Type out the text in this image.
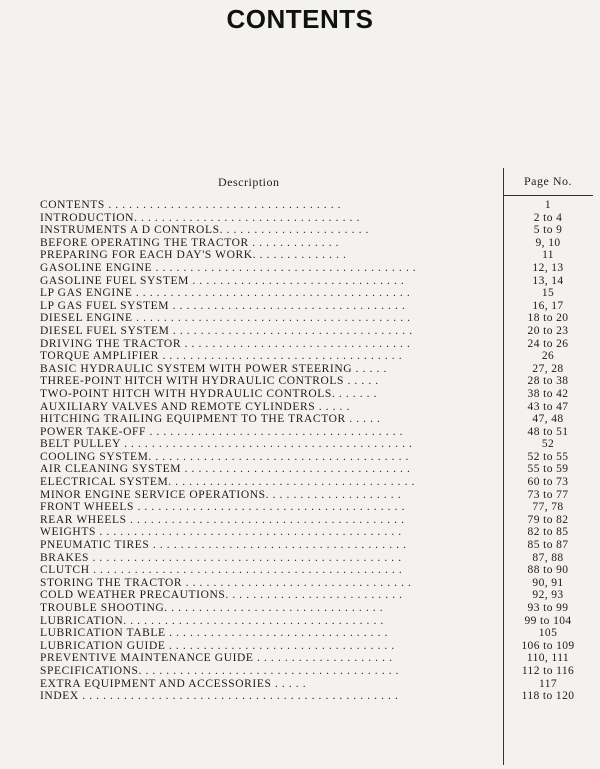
CONTENTS
Description	Page No.
CONTENTS . . . . . . . . . . . . . . . . . . . . . . . . . . . . . . . . . .	1
INTRODUCTION. . . . . . . . . . . . . . . . . . . . . . . . . . . . . . . . .	2 to 4
INSTRUMENTS A D CONTROLS. . . . . . . . . . . . . . . . . . . . . .	5 to 9
BEFORE OPERATING THE TRACTOR . . . . . . . . . . . . .	9, 10
PREPARING FOR EACH DAY'S WORK. . . . . . . . . . . . . .	11
GASOLINE ENGINE . . . . . . . . . . . . . . . . . . . . . . . . . . . . . . . . . . . . . .	12, 13
GASOLINE FUEL SYSTEM . . . . . . . . . . . . . . . . . . . . . . . . . . . . . . .	13, 14
LP GAS ENGINE . . . . . . . . . . . . . . . . . . . . . . . . . . . . . . . . . . . . . . . .	15
LP GAS FUEL SYSTEM . . . . . . . . . . . . . . . . . . . . . . . . . . . . . . . . . .	16, 17
DIESEL ENGINE . . . . . . . . . . . . . . . . . . . . . . . . . . . . . . . . . . . . . . . .	18 to 20
DIESEL FUEL SYSTEM . . . . . . . . . . . . . . . . . . . . . . . . . . . . . . . . . . .	20 to 23
DRIVING THE TRACTOR . . . . . . . . . . . . . . . . . . . . . . . . . . . . . . . . .	24 to 26
TORQUE AMPLIFIER . . . . . . . . . . . . . . . . . . . . . . . . . . . . . . . . . . .	26
BASIC HYDRAULIC SYSTEM WITH POWER STEERING . . . . .	27, 28
THREE-POINT HITCH WITH HYDRAULIC CONTROLS . . . . .	28 to 38
TWO-POINT HITCH WITH HYDRAULIC CONTROLS. . . . . . .	38 to 42
AUXILIARY VALVES AND REMOTE CYLINDERS . . . . .	43 to 47
HITCHING TRAILING EQUIPMENT TO THE TRACTOR . . . . .	47, 48
POWER TAKE-OFF . . . . . . . . . . . . . . . . . . . . . . . . . . . . . . . . . . . . .	48 to 51
BELT PULLEY . . . . . . . . . . . . . . . . . . . . . . . . . . . . . . . . . . . . . . . . . .	52
COOLING SYSTEM. . . . . . . . . . . . . . . . . . . . . . . . . . . . . . . . . . . . . .	52 to 55
AIR CLEANING SYSTEM . . . . . . . . . . . . . . . . . . . . . . . . . . . . . . . . .	55 to 59
ELECTRICAL SYSTEM. . . . . . . . . . . . . . . . . . . . . . . . . . . . . . . . . . . .	60 to 73
MINOR ENGINE SERVICE OPERATIONS. . . . . . . . . . . . . . . . . . . .	73 to 77
FRONT WHEELS . . . . . . . . . . . . . . . . . . . . . . . . . . . . . . . . . . . . . . .	77, 78
REAR WHEELS . . . . . . . . . . . . . . . . . . . . . . . . . . . . . . . . . . . . . . . .	79 to 82
WEIGHTS . . . . . . . . . . . . . . . . . . . . . . . . . . . . . . . . . . . . . . . . . . . .	82 to 85
PNEUMATIC TIRES . . . . . . . . . . . . . . . . . . . . . . . . . . . . . . . . . . . . .	85 to 87
BRAKES . . . . . . . . . . . . . . . . . . . . . . . . . . . . . . . . . . . . . . . . . . . . .	87, 88
CLUTCH . . . . . . . . . . . . . . . . . . . . . . . . . . . . . . . . . . . . . . . . . . . . .	88 to 90
STORING THE TRACTOR . . . . . . . . . . . . . . . . . . . . . . . . . . . . . . . . .	90, 91
COLD WEATHER PRECAUTIONS. . . . . . . . . . . . . . . . . . . . . . . . . .	92, 93
TROUBLE SHOOTING. . . . . . . . . . . . . . . . . . . . . . . . . . . . . . . .	93 to 99
LUBRICATION. . . . . . . . . . . . . . . . . . . . . . . . . . . . . . . . . . . . . .	99 to 104
LUBRICATION TABLE . . . . . . . . . . . . . . . . . . . . . . . . . . . . . . . .	105
LUBRICATION GUIDE . . . . . . . . . . . . . . . . . . . . . . . . . . . . . . . . .	106 to 109
PREVENTIVE MAINTENANCE GUIDE . . . . . . . . . . . . . . . . . . . .	110, 111
SPECIFICATIONS. . . . . . . . . . . . . . . . . . . . . . . . . . . . . . . . . . . . . .	112 to 116
EXTRA EQUIPMENT AND ACCESSORIES . . . . .	117
INDEX . . . . . . . . . . . . . . . . . . . . . . . . . . . . . . . . . . . . . . . . . . . . . .	118 to 120
